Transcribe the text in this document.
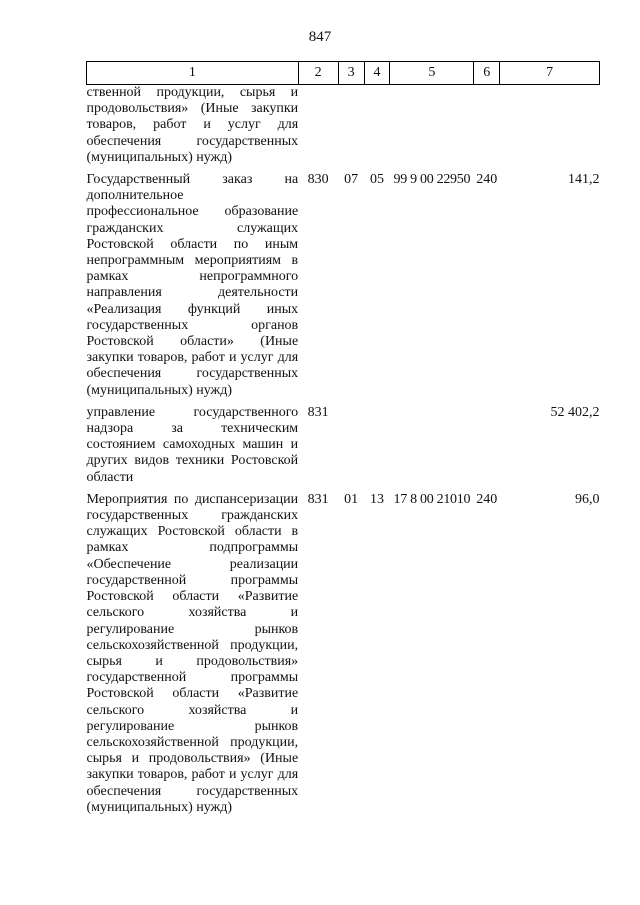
847
1	2	3	4	5	6	7
ственной продукции, сырья и продовольствия» (Иные закупки товаров, работ и услуг для обеспечения государственных (муниципальных) нужд)						
Государственный заказ на дополнительное профессиональное образование гражданских служащих Ростовской области по иным непрограммным мероприятиям в рамках непрограммного направления деятельности «Реализация функций иных государственных органов Ростовской области» (Иные закупки товаров, работ и услуг для обеспечения государственных (муниципальных) нужд)	830	07	05	99 9 00 22950	240	141,2
управление государственного надзора за техническим состоянием самоходных машин и других видов техники Ростовской области	831					52 402,2
Мероприятия по диспансеризации государственных гражданских служащих Ростовской области в рамках подпрограммы «Обеспечение реализации государственной программы Ростовской области «Развитие сельского хозяйства и регулирование рынков сельскохозяйственной продукции, сырья и продовольствия» государственной программы Ростовской области «Развитие сельского хозяйства и регулирование рынков сельскохозяйственной продукции, сырья и продовольствия» (Иные закупки товаров, работ и услуг для обеспечения государственных (муниципальных) нужд)	831	01	13	17 8 00 21010	240	96,0
